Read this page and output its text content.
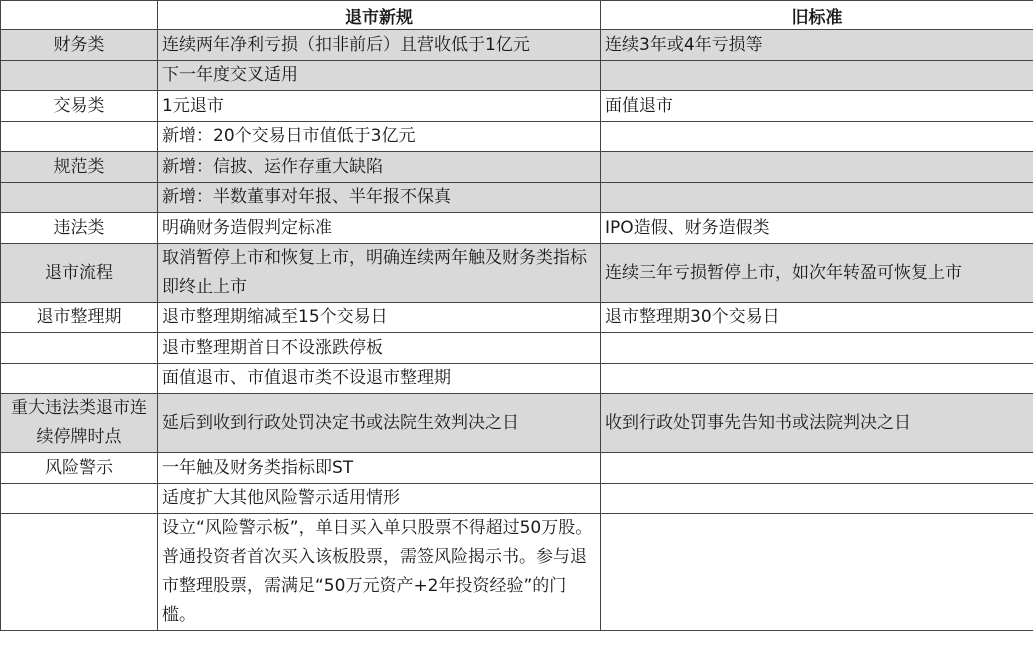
	退市新规	旧标准
财务类	连续两年净利亏损（扣非前后）且营收低于1亿元	连续3年或4年亏损等
	下一年度交叉适用	
交易类	1元退市	面值退市
	新增：20个交易日市值低于3亿元	
规范类	新增：信披、运作存重大缺陷	
	新增：半数董事对年报、半年报不保真	
违法类	明确财务造假判定标准	IPO造假、财务造假类
退市流程	取消暂停上市和恢复上市，明确连续两年触及财务类指标即终止上市	连续三年亏损暂停上市，如次年转盈可恢复上市
退市整理期	退市整理期缩减至15个交易日	退市整理期30个交易日
	退市整理期首日不设涨跌停板	
	面值退市、市值退市类不设退市整理期	
重大违法类退市连续停牌时点	延后到收到行政处罚决定书或法院生效判决之日	收到行政处罚事先告知书或法院判决之日
风险警示	一年触及财务类指标即ST	
	适度扩大其他风险警示适用情形	
	设立“风险警示板”，单日买入单只股票不得超过50万股。普通投资者首次买入该板股票，需签风险揭示书。参与退市整理股票，需满足“50万元资产+2年投资经验”的门槛。	
